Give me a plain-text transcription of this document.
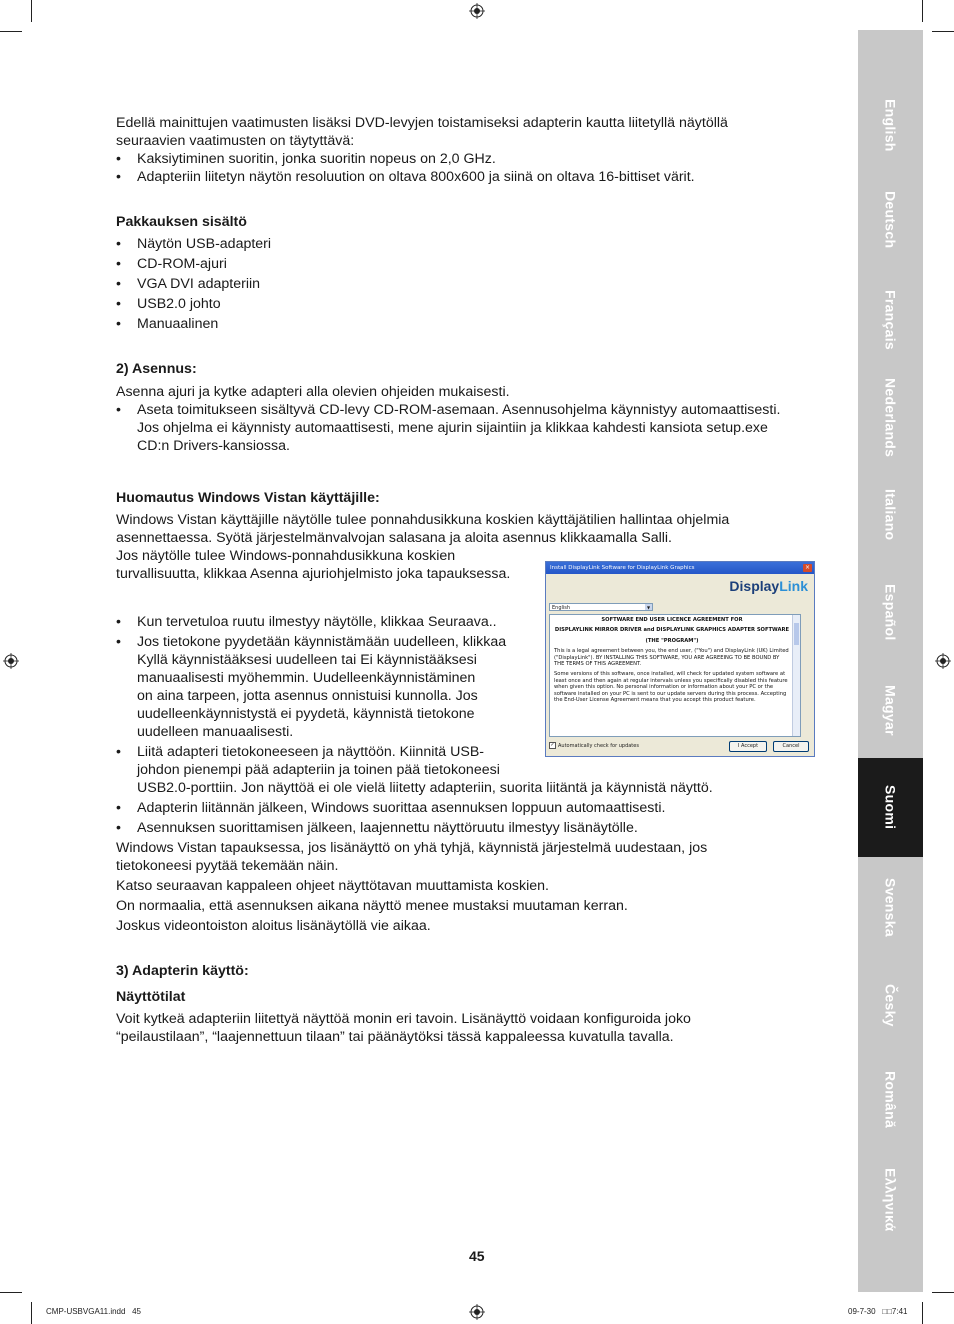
Edellä mainittujen vaatimusten lisäksi DVD-levyjen toistamiseksi adapterin kautta liitetyllä näytöllä seuraavien vaatimusten on täytyttävä:

• Kaksiytiminen suoritin, jonka suoritin nopeus on 2,0 GHz.
• Adapteriin liitetyn näytön resoluution on oltava 800x600 ja siinä on oltava 16-bittiset värit.
Pakkauksen sisältö
• Näytön USB-adapteri
• CD-ROM-ajuri
• VGA DVI adapteriin
• USB2.0 johto
• Manuaalinen
2) Asennus:
Asenna ajuri ja kytke adapteri alla olevien ohjeiden mukaisesti.
• Aseta toimitukseen sisältyvä CD-levy CD-ROM-asemaan. Asennusohjelma käynnistyy automaattisesti.
Jos ohjelma ei käynnisty automaattisesti, mene ajurin sijaintiin ja klikkaa kahdesti kansiota setup.exe
CD:n Drivers-kansiossa.
Huomautus Windows Vistan käyttäjille:
Windows Vistan käyttäjille näytölle tulee ponnahdusikkuna koskien käyttäjätilien hallintaa ohjelmia
asennettaessa. Syötä järjestelmänvalvojan salasana ja aloita asennus klikkaamalla Salli.
Jos näytölle tulee Windows-ponnahdusikkuna koskien
turvallisuutta, klikkaa Asenna ajuriohjelmisto joka tapauksessa.
• Kun tervetuloa ruutu ilmestyy näytölle, klikkaa Seuraava..
• Jos tietokone pyydetään käynnistämään uudelleen, klikkaa
Kyllä käynnistääksesi uudelleen tai Ei käynnistääksesi
manuaalisesti myöhemmin. Uudelleenkäynnistäminen
on aina tarpeen, jotta asennus onnistuisi kunnolla. Jos
uudelleenkäynnistystä ei pyydetä, käynnistä tietokone
uudelleen manuaalisesti.
• Liitä adapteri tietokoneeseen ja näyttöön. Kiinnitä USB-
johdon pienempi pää adapteriin ja toinen pää tietokoneesi
USB2.0-porttiin. Jon näyttöä ei ole vielä liitetty adapteriin, suorita liitäntä ja käynnistä näyttö.
• Adapterin liitännän jälkeen, Windows suorittaa asennuksen loppuun automaattisesti.
• Asennuksen suorittamisen jälkeen, laajennettu näyttöruutu ilmestyy lisänäytölle.
Windows Vistan tapauksessa, jos lisänäyttö on yhä tyhjä, käynnistä järjestelmä uudestaan, jos
tietokoneesi pyytää tekemään näin.
Katso seuraavan kappaleen ohjeet näyttötavan muuttamista koskien.
On normaalia, että asennuksen aikana näyttö menee mustaksi muutaman kerran.
Joskus videontoiston aloitus lisänäytöllä vie aikaa.
3) Adapterin käyttö:
Näyttötilat
Voit kytkeä adapteriin liitettyä näyttöä monin eri tavoin. Lisänäyttö voidaan konfiguroida joko
“peilaustilaan”, “laajennettuun tilaan” tai päänäytöksi tässä kappaleessa kuvatulla tavalla.
Install DisplayLink Software for DisplayLink Graphics	×
DisplayLink
English	▼

SOFTWARE END USER LICENCE AGREEMENT FOR

DISPLAYLINK MIRROR DRIVER and DISPLAYLINK GRAPHICS ADAPTER SOFTWARE

(THE "PROGRAM")

This is a legal agreement between you, the end user, ("You") and DisplayLink (UK) Limited ("DisplayLink"). BY INSTALLING THIS SOFTWARE, YOU ARE AGREEING TO BE BOUND BY THE TERMS OF THIS AGREEMENT.

Some versions of this software, once installed, will check for updated system software at least once and then again at regular intervals unless you specifically disabled this feature when given this option. No personal information or information about your PC or the software installed on your PC is sent to our update servers during this process. Accepting the End-User License Agreement means that you accept this product feature.

✓ Automatically check for updates	I Accept	Cancel
English
Deutsch
Français
Nederlands
Italiano
Español
Magyar
Suomi
Svenska
Česky
Română
Ελληνικά
45
CMP-USBVGA11.indd   45	09-7-30   □□7:41
